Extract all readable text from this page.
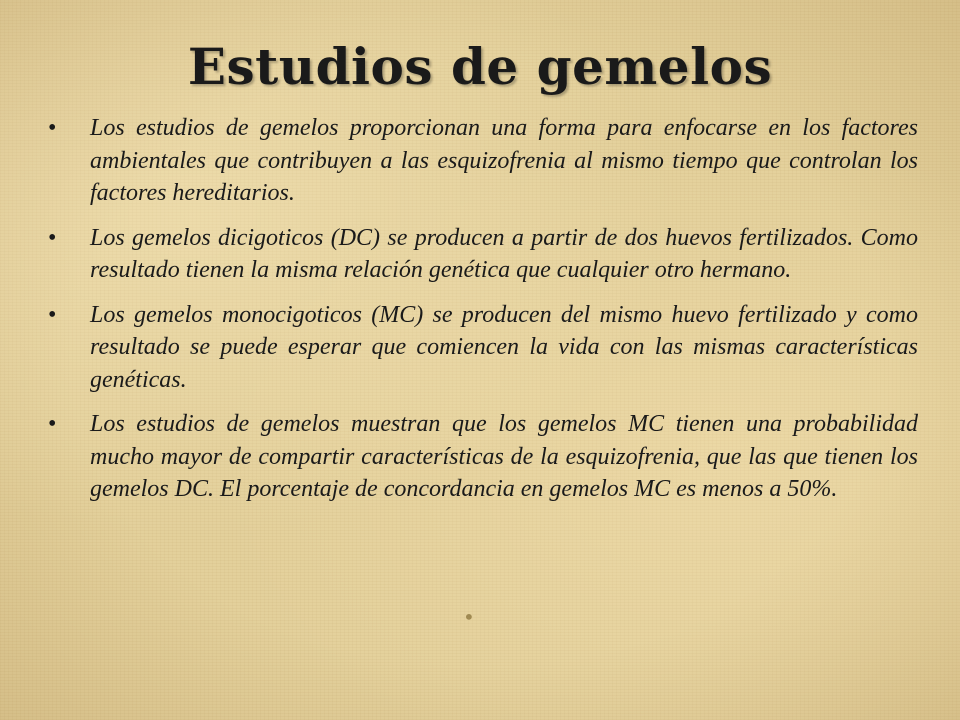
Estudios de gemelos
• Los estudios de gemelos proporcionan una forma para enfocarse en los factores ambientales que contribuyen a las esquizofrenia al mismo tiempo que controlan los factores hereditarios.
• Los gemelos dicigoticos (DC) se producen a partir de dos huevos fertilizados. Como resultado tienen la misma relación genética que cualquier otro hermano.
• Los gemelos monocigoticos (MC) se producen del mismo huevo fertilizado y como resultado se puede esperar que comiencen la vida con las mismas características genéticas.
• Los estudios de gemelos muestran que los gemelos MC tienen una probabilidad mucho mayor de compartir características de la esquizofrenia, que las que tienen los gemelos DC. El porcentaje de concordancia en gemelos MC es menos a 50%.
•
